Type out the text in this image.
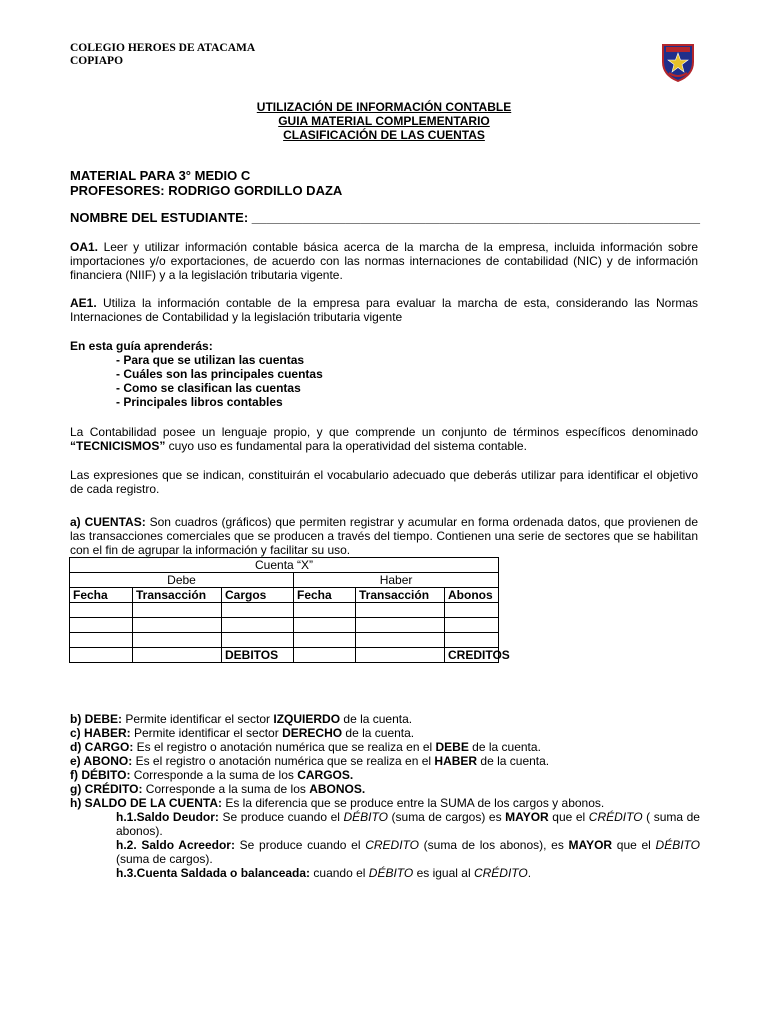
COLEGIO HEROES DE ATACAMA
COPIAPO
UTILIZACIÓN DE INFORMACIÓN CONTABLE
GUIA MATERIAL COMPLEMENTARIO
CLASIFICACIÓN DE LAS CUENTAS
MATERIAL PARA 3° MEDIO C
PROFESORES: RODRIGO GORDILLO DAZA
NOMBRE DEL ESTUDIANTE: ______________________________________________________________
OA1. Leer y utilizar información contable básica acerca de la marcha de la empresa, incluida información sobre importaciones y/o exportaciones, de acuerdo con las normas internaciones de contabilidad (NIC) y de información financiera (NIIF) y a la legislación tributaria vigente.
AE1. Utiliza la información contable de la empresa para evaluar la marcha de esta, considerando las Normas Internaciones de Contabilidad y la legislación tributaria vigente
En esta guía aprenderás:
- Para que se utilizan las cuentas
- Cuáles son las principales cuentas
- Como se clasifican las cuentas
- Principales libros contables
La Contabilidad posee un lenguaje propio, y que comprende un conjunto de términos específicos denominado “TECNICISMOS” cuyo uso es fundamental para la operatividad del sistema contable.
Las expresiones que se indican, constituirán el vocabulario adecuado que deberás utilizar para identificar el objetivo de cada registro.
a) CUENTAS: Son cuadros (gráficos) que permiten registrar y acumular en forma ordenada datos, que provienen de las transacciones comerciales que se producen a través del tiempo. Contienen una serie de sectores que se habilitan con el fin de agrupar la información y facilitar su uso.
Cuenta “X”					
Debe			Haber		
Fecha	Transacción	Cargos	Fecha	Transacción	Abonos

		DEBITOS			CREDITOS
b) DEBE: Permite identificar el sector IZQUIERDO de la cuenta.
c) HABER: Permite identificar el sector DERECHO de la cuenta.
d) CARGO: Es el registro o anotación numérica que se realiza en el DEBE de la cuenta.
e) ABONO: Es el registro o anotación numérica que se realiza en el HABER de la cuenta.
f) DÉBITO: Corresponde a la suma de los CARGOS.
g) CRÉDITO: Corresponde a la suma de los ABONOS.
h) SALDO DE LA CUENTA: Es la diferencia que se produce entre la SUMA de los cargos y abonos.
h.1.Saldo Deudor: Se produce cuando el DÉBITO (suma de cargos) es MAYOR que el CRÉDITO ( suma de abonos).
h.2. Saldo Acreedor: Se produce cuando el CREDITO (suma de los abonos), es MAYOR que el DÉBITO (suma de cargos).
h.3.Cuenta Saldada o balanceada: cuando el DÉBITO es igual al CRÉDITO.
